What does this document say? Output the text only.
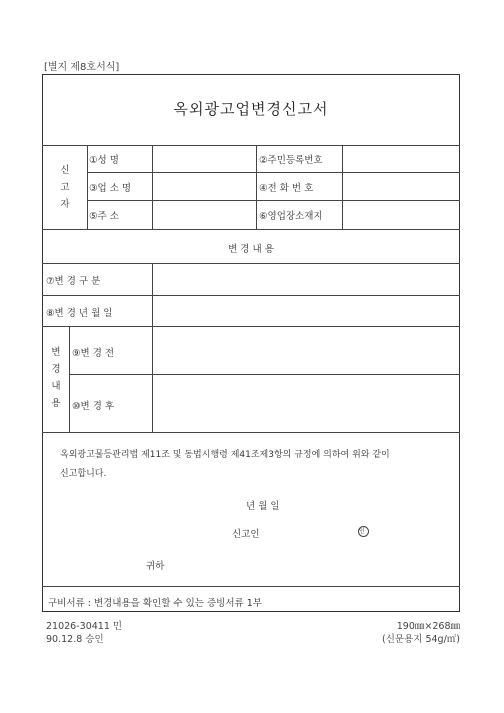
[별지 제8호서식]
옥외광고업변경신고서
신
고
자
①성 명	②주민등록번호
③업 소 명	④전 화 번 호
⑤주 소	⑥영업장소재지
변 경 내 용
⑦변 경 구 분
⑧변 경 년 월 일
변
경
내
용
⑨변 경 전
⑩변 경 후
옥외광고물등관리법 제11조 및 동법시행령 제41조제3항의 규정에 의하여 위와 같이
신고합니다.
년 월 일
신고인	인
귀하
구비서류 : 변경내용을 확인할 수 있는 증빙서류 1부
21026-30411 민
90.12.8 승인
190㎜×268㎜
(신문용지 54g/㎡)
